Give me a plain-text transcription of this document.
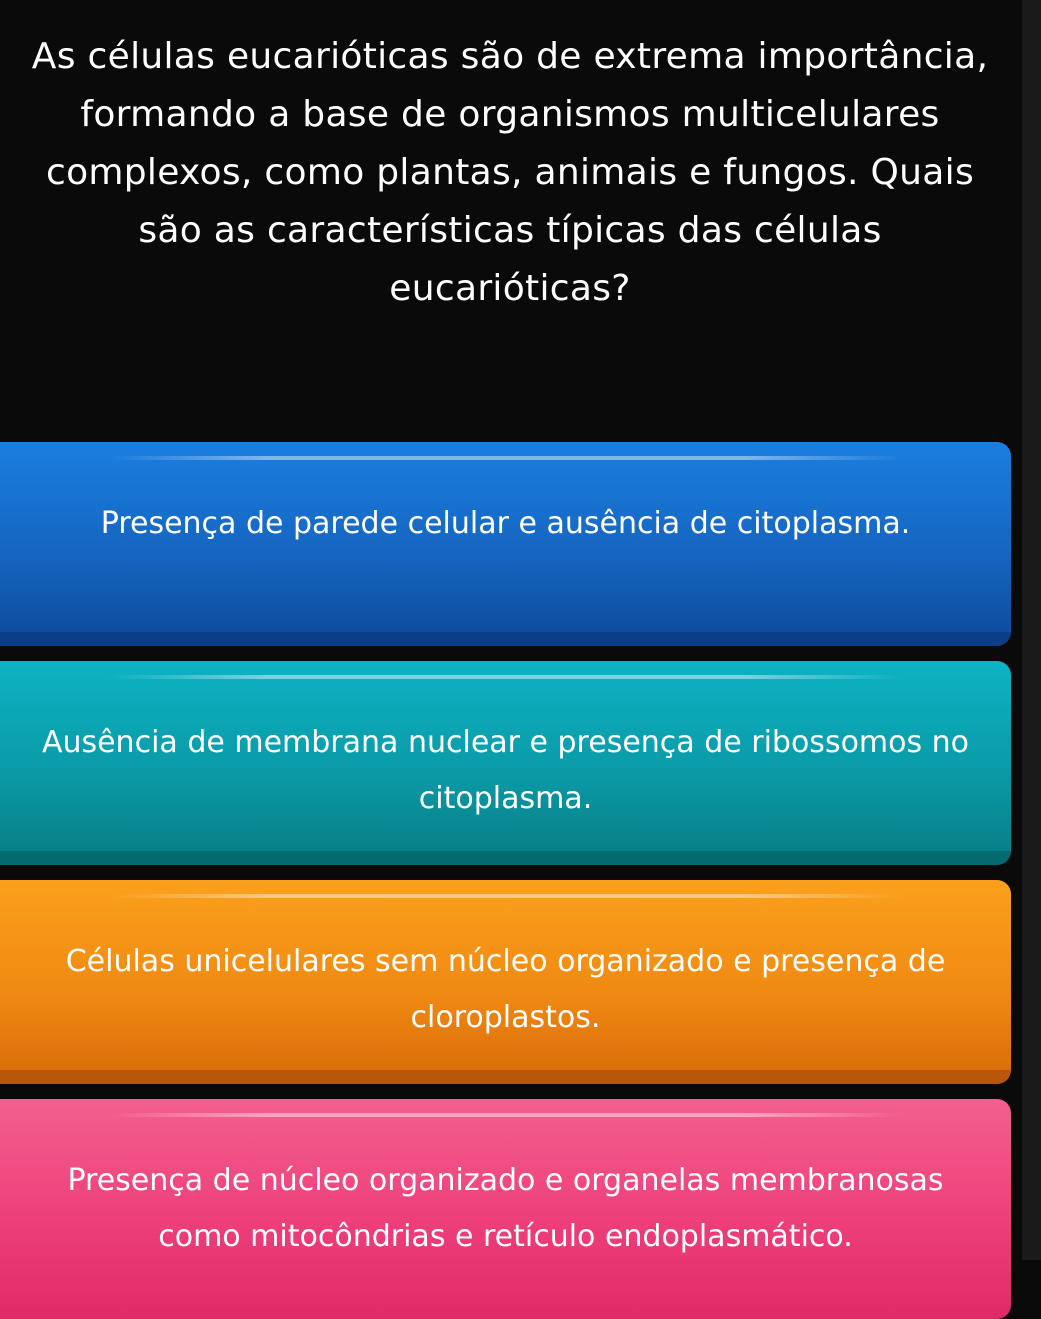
As células eucarióticas são de extrema importância, formando a base de organismos multicelulares complexos, como plantas, animais e fungos. Quais são as características típicas das células eucarióticas?
Presença de parede celular e ausência de citoplasma.
Ausência de membrana nuclear e presença de ribossomos no citoplasma.
Células unicelulares sem núcleo organizado e presença de cloroplastos.
Presença de núcleo organizado e organelas membranosas como mitocôndrias e retículo endoplasmático.
